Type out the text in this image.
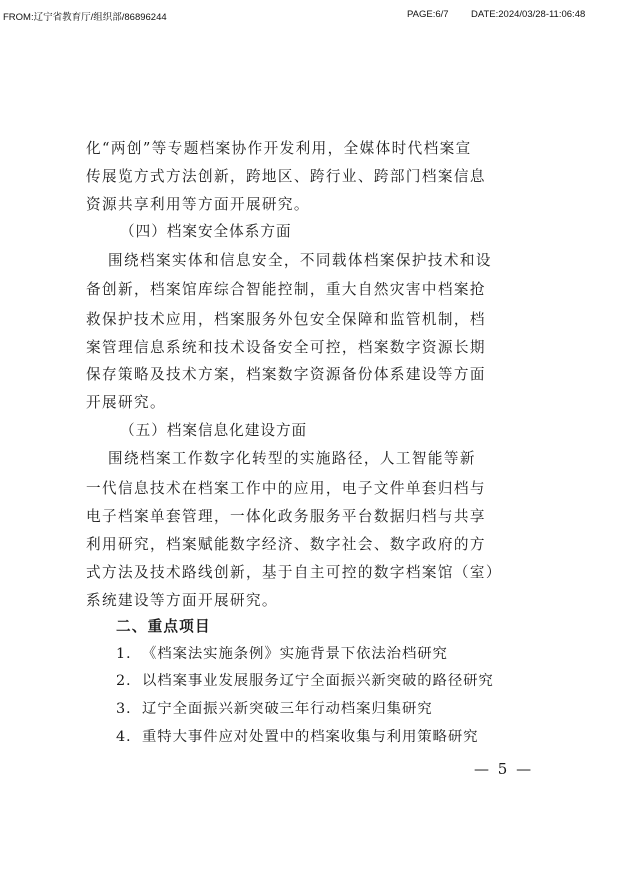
FROM:辽宁省教育厅/组织部/86896244	PAGE:6/7 DATE:2024/03/28-11:06:48
化“两创”等专题档案协作开发利用，全媒体时代档案宣
传展览方式方法创新，跨地区、跨行业、跨部门档案信息
资源共享利用等方面开展研究。
（四）档案安全体系方面
围绕档案实体和信息安全，不同载体档案保护技术和设
备创新，档案馆库综合智能控制，重大自然灾害中档案抢
救保护技术应用，档案服务外包安全保障和监管机制，档
案管理信息系统和技术设备安全可控，档案数字资源长期
保存策略及技术方案，档案数字资源备份体系建设等方面
开展研究。
（五）档案信息化建设方面
围绕档案工作数字化转型的实施路径，人工智能等新
一代信息技术在档案工作中的应用，电子文件单套归档与
电子档案单套管理，一体化政务服务平台数据归档与共享
利用研究，档案赋能数字经济、数字社会、数字政府的方
式方法及技术路线创新，基于自主可控的数字档案馆（室）
系统建设等方面开展研究。
二、重点项目
1. 《档案法实施条例》实施背景下依法治档研究
2. 以档案事业发展服务辽宁全面振兴新突破的路径研究
3. 辽宁全面振兴新突破三年行动档案归集研究
4. 重特大事件应对处置中的档案收集与利用策略研究
— 5 —
